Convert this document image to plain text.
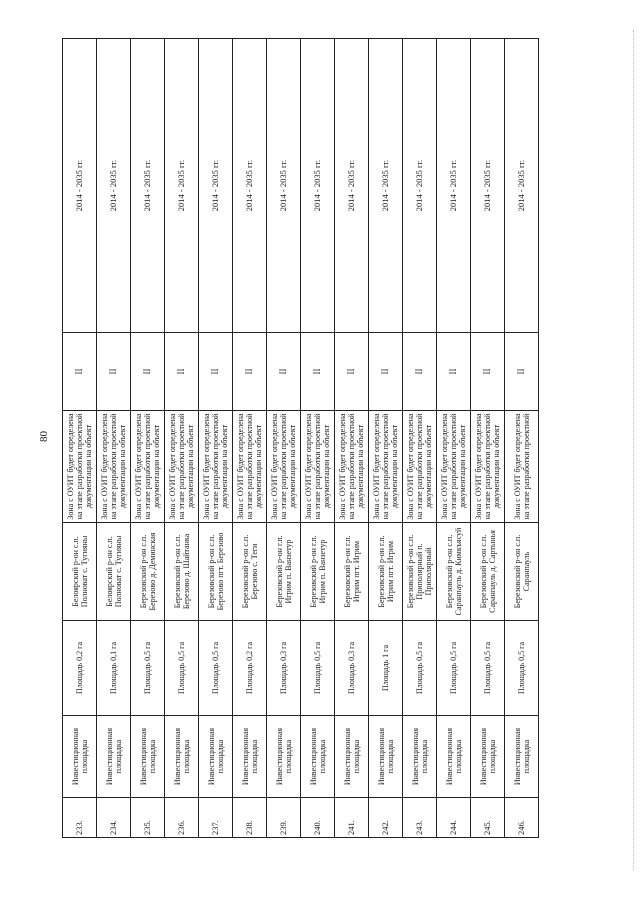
80
233.	Инвестиционная площадка	Площадь 0,2 га	Белоярский р-он с.п. Полноват с. Тугияны	Зона с ОУИТ будет определена на этапе разработки проектной документации на объект	II	2014 - 2035 гг.
234.	Инвестиционная площадка	Площадь 0,1 га	Белоярский р-он с.п. Полноват с. Тугияны	Зона с ОУИТ будет определена на этапе разработки проектной документации на объект	II	2014 - 2035 гг.
235.	Инвестиционная площадка	Площадь 0,5 га	Березовский р-он с.п. Березово д. Деминская	Зона с ОУИТ будет определена на этапе разработки проектной документации на объект	II	2014 - 2035 гг.
236.	Инвестиционная площадка	Площадь 0,5 га	Березовский р-он с.п. Березово д. Шайтанка	Зона с ОУИТ будет определена на этапе разработки проектной документации на объект	II	2014 - 2035 гг.
237.	Инвестиционная площадка	Площадь 0,5 га	Березовский р-он с.п. Березово пгт. Березово	Зона с ОУИТ будет определена на этапе разработки проектной документации на объект	II	2014 - 2035 гг.
238.	Инвестиционная площадка	Площадь 0,2 га	Березовский р-он с.п. Березово с. Теги	Зона с ОУИТ будет определена на этапе разработки проектной документации на объект	II	2014 - 2035 гг.
239.	Инвестиционная площадка	Площадь 0,3 га	Березовский р-он г.п. Игрим п. Ванзетур	Зона с ОУИТ будет определена на этапе разработки проектной документации на объект	II	2014 - 2035 гг.
240.	Инвестиционная площадка	Площадь 0,5 га	Березовский р-он г.п. Игрим п. Ванзетур	Зона с ОУИТ будет определена на этапе разработки проектной документации на объект	II	2014 - 2035 гг.
241.	Инвестиционная площадка	Площадь 0,3 га	Березовский р-он г.п. Игрим пгт. Игрим	Зона с ОУИТ будет определена на этапе разработки проектной документации на объект	II	2014 - 2035 гг.
242.	Инвестиционная площадка	Площадь 1 га	Березовский р-он г.п. Игрим пгт. Игрим	Зона с ОУИТ будет определена на этапе разработки проектной документации на объект	II	2014 - 2035 гг.
243.	Инвестиционная площадка	Площадь 0,5 га	Березовский р-он с.п. Приполярный п. Приполярный	Зона с ОУИТ будет определена на этапе разработки проектной документации на объект	II	2014 - 2035 гг.
244.	Инвестиционная площадка	Площадь 0,5 га	Березовский р-он с.п. Саранпауль д. Кимкъясуй	Зона с ОУИТ будет определена на этапе разработки проектной документации на объект	II	2014 - 2035 гг.
245.	Инвестиционная площадка	Площадь 0,5 га	Березовский р-он с.п. Саранпауль д. Сартынья	Зона с ОУИТ будет определена на этапе разработки проектной документации на объект	II	2014 - 2035 гг.
246.	Инвестиционная площадка	Площадь 0,5 га	Березовский р-он с.п. Саранпауль	Зона с ОУИТ будет определена на этапе разработки проектной	II	2014 - 2035 гг.
